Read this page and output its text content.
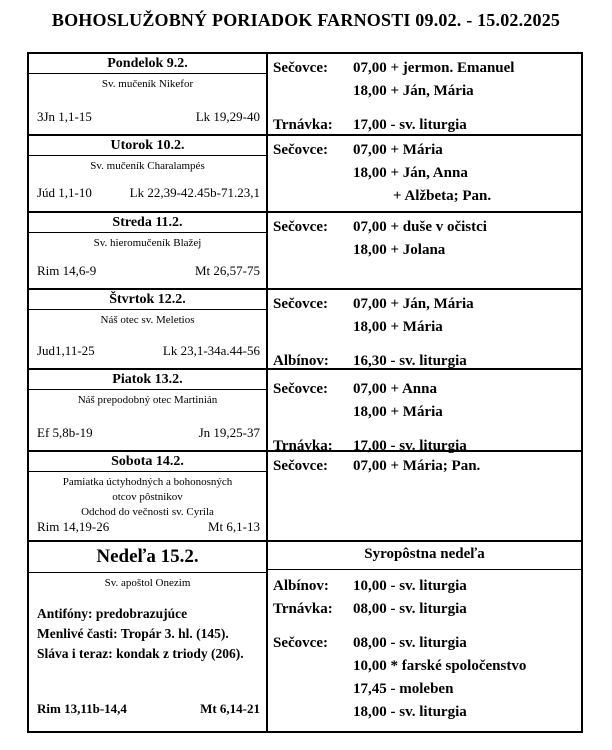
BOHOSLUŽOBNÝ PORIADOK FARNOSTI 09.02. - 15.02.2025
Pondelok 9.2.
Sv. mučeník Nikefor
3Jn 1,1-15	Lk 19,29-40
Sečovce:	07,00 + jermon. Emanuel
18,00 + Ján, Mária
Trnávka:	17,00 - sv. liturgia
Utorok 10.2.
Sv. mučeník Charalampés
Júd 1,1-10	Lk 22,39-42.45b-71.23,1
Sečovce:	07,00 + Mária
18,00 + Ján, Anna
+ Alžbeta; Pan.
Streda 11.2.
Sv. hieromučeník Blažej
Rim 14,6-9	Mt 26,57-75
Sečovce:	07,00 + duše v očistci
18,00 + Jolana
Štvrtok 12.2.
Náš otec sv. Meletios
Jud1,11-25	Lk 23,1-34a.44-56
Sečovce:	07,00 + Ján, Mária
18,00 + Mária
Albínov:	16,30 - sv. liturgia
Piatok 13.2.
Náš prepodobný otec Martinián
Ef 5,8b-19	Jn 19,25-37
Sečovce:	07,00 + Anna
18,00 + Mária
Trnávka:	17,00 - sv. liturgia
Sobota 14.2.
Pamiatka úctyhodných a bohonosných
otcov pôstnikov
Odchod do večnosti sv. Cyrila
Rim 14,19-26	Mt 6,1-13
Sečovce:	07,00 + Mária; Pan.
Nedeľa 15.2.
Sv. apoštol Onezim
Antifóny: predobrazujúce
Menlivé časti: Tropár 3. hl. (145).
Sláva i teraz: kondak z triody (206).
Rim 13,11b-14,4	Mt 6,14-21
Syropôstna nedeľa
Albínov:	10,00 - sv. liturgia
Trnávka:	08,00 - sv. liturgia
Sečovce:	08,00 - sv. liturgia
10,00 * farské spoločenstvo
17,45 - moleben
18,00 - sv. liturgia
